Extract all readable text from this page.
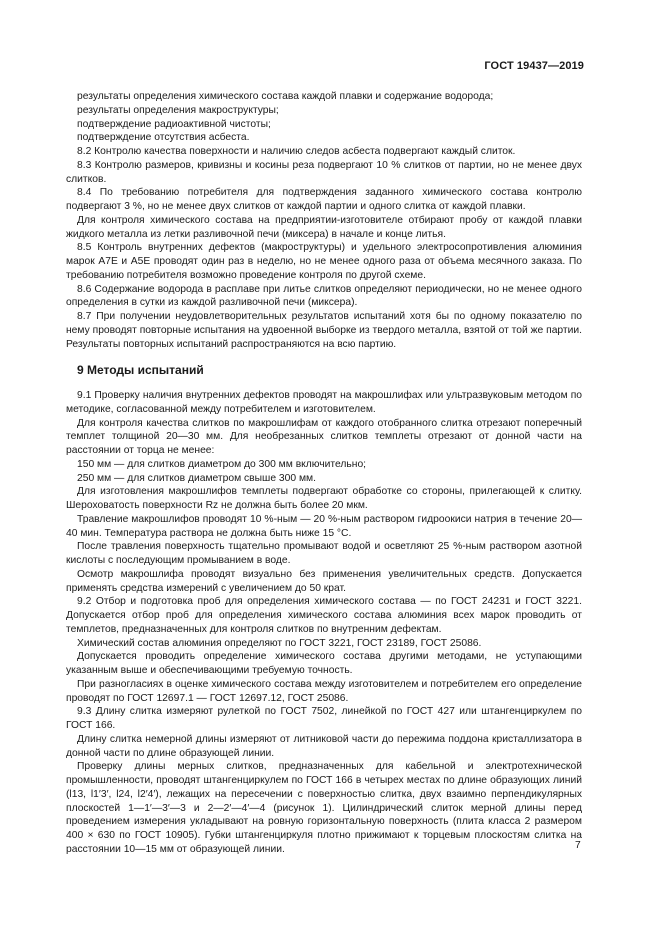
ГОСТ 19437—2019

результаты определения химического состава каждой плавки и содержание водорода;

результаты определения макроструктуры;

подтверждение радиоактивной чистоты;

подтверждение отсутствия асбеста.

8.2 Контролю качества поверхности и наличию следов асбеста подвергают каждый слиток.

8.3 Контролю размеров, кривизны и косины реза подвергают 10 % слитков от партии, но не менее двух слитков.

8.4 По требованию потребителя для подтверждения заданного химического состава контролю подвергают 3 %, но не менее двух слитков от каждой партии и одного слитка от каждой плавки.

Для контроля химического состава на предприятии-изготовителе отбирают пробу от каждой плавки жидкого металла из летки разливочной печи (миксера) в начале и конце литья.

8.5 Контроль внутренних дефектов (макроструктуры) и удельного электросопротивления алюминия марок А7Е и А5Е проводят один раз в неделю, но не менее одного раза от объема месячного заказа. По требованию потребителя возможно проведение контроля по другой схеме.

8.6 Содержание водорода в расплаве при литье слитков определяют периодически, но не менее одного определения в сутки из каждой разливочной печи (миксера).

8.7 При получении неудовлетворительных результатов испытаний хотя бы по одному показателю по нему проводят повторные испытания на удвоенной выборке из твердого металла, взятой от той же партии. Результаты повторных испытаний распространяются на всю партию.

9 Методы испытаний

9.1 Проверку наличия внутренних дефектов проводят на макрошлифах или ультразвуковым методом по методике, согласованной между потребителем и изготовителем.

Для контроля качества слитков по макрошлифам от каждого отобранного слитка отрезают поперечный темплет толщиной 20—30 мм. Для необрезанных слитков темплеты отрезают от донной части на расстоянии от торца не менее:

150 мм — для слитков диаметром до 300 мм включительно;

250 мм — для слитков диаметром свыше 300 мм.

Для изготовления макрошлифов темплеты подвергают обработке со стороны, прилегающей к слитку. Шероховатость поверхности Rz не должна быть более 20 мкм.

Травление макрошлифов проводят 10 %-ным — 20 %-ным раствором гидроокиси натрия в течение 20—40 мин. Температура раствора не должна быть ниже 15 °С.

После травления поверхность тщательно промывают водой и осветляют 25 %-ным раствором азотной кислоты с последующим промыванием в воде.

Осмотр макрошлифа проводят визуально без применения увеличительных средств. Допускается применять средства измерений с увеличением до 50 крат.

9.2 Отбор и подготовка проб для определения химического состава — по ГОСТ 24231 и ГОСТ 3221. Допускается отбор проб для определения химического состава алюминия всех марок проводить от темплетов, предназначенных для контроля слитков по внутренним дефектам.

Химический состав алюминия определяют по ГОСТ 3221, ГОСТ 23189, ГОСТ 25086.

Допускается проводить определение химического состава другими методами, не уступающими указанным выше и обеспечивающими требуемую точность.

При разногласиях в оценке химического состава между изготовителем и потребителем его определение проводят по ГОСТ 12697.1 — ГОСТ 12697.12, ГОСТ 25086.

9.3 Длину слитка измеряют рулеткой по ГОСТ 7502, линейкой по ГОСТ 427 или штангенциркулем по ГОСТ 166.

Длину слитка немерной длины измеряют от литниковой части до пережима поддона кристаллизатора в донной части по длине образующей линии.

Проверку длины мерных слитков, предназначенных для кабельной и электротехнической промышленности, проводят штангенциркулем по ГОСТ 166 в четырех местах по длине образующих линий (l13, l1′3′, l24, l2′4′), лежащих на пересечении с поверхностью слитка, двух взаимно перпендикулярных плоскостей 1—1′—3′—3 и 2—2′—4′—4 (рисунок 1). Цилиндрический слиток мерной длины перед проведением измерения укладывают на ровную горизонтальную поверхность (плита класса 2 размером 400 × 630 по ГОСТ 10905). Губки штангенциркуля плотно прижимают к торцевым плоскостям слитка на расстоянии 10—15 мм от образующей линии.	7
